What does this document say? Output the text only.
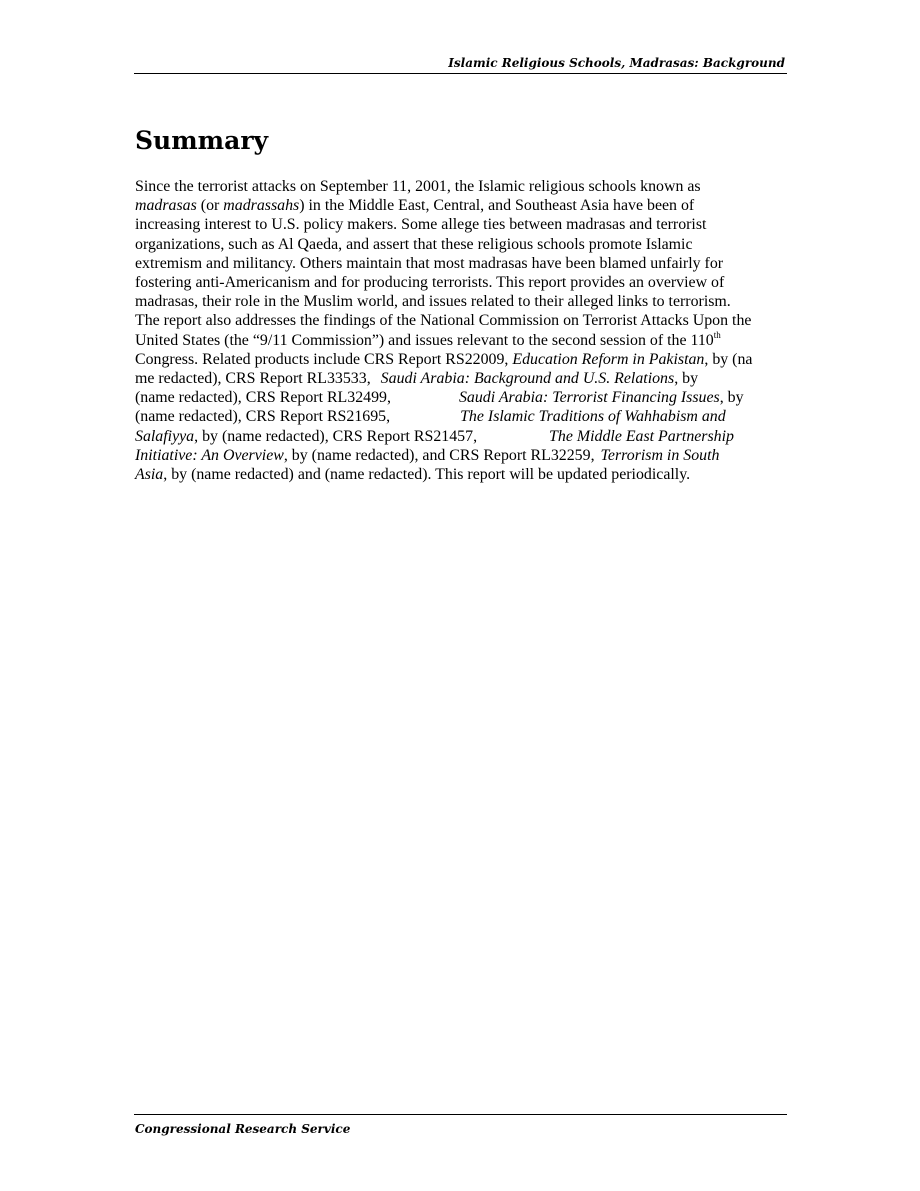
Islamic Religious Schools, Madrasas: Background
Summary
Since the terrorist attacks on September 11, 2001, the Islamic religious schools known as
madrasas (or madrassahs) in the Middle East, Central, and Southeast Asia have been of
increasing interest to U.S. policy makers. Some allege ties between madrasas and terrorist
organizations, such as Al Qaeda, and assert that these religious schools promote Islamic
extremism and militancy. Others maintain that most madrasas have been blamed unfairly for
fostering anti-Americanism and for producing terrorists. This report provides an overview of
madrasas, their role in the Muslim world, and issues related to their alleged links to terrorism.
The report also addresses the findings of the National Commission on Terrorist Attacks Upon the
United States (the “9/11 Commission”) and issues relevant to the second session of the 110th
Congress. Related products include CRS Report RS22009, Education Reform in Pakistan, by (na
me redacted), CRS Report RL33533, Saudi Arabia: Background and U.S. Relations, by
(name redacted), CRS Report RL32499,	Saudi Arabia: Terrorist Financing Issues, by
(name redacted), CRS Report RS21695,	The Islamic Traditions of Wahhabism and
Salafiyya, by (name redacted), CRS Report RS21457,	The Middle East Partnership
Initiative: An Overview, by (name redacted), and CRS Report RL32259, Terrorism in South
Asia, by (name redacted) and (name redacted). This report will be updated periodically.
Congressional Research Service
